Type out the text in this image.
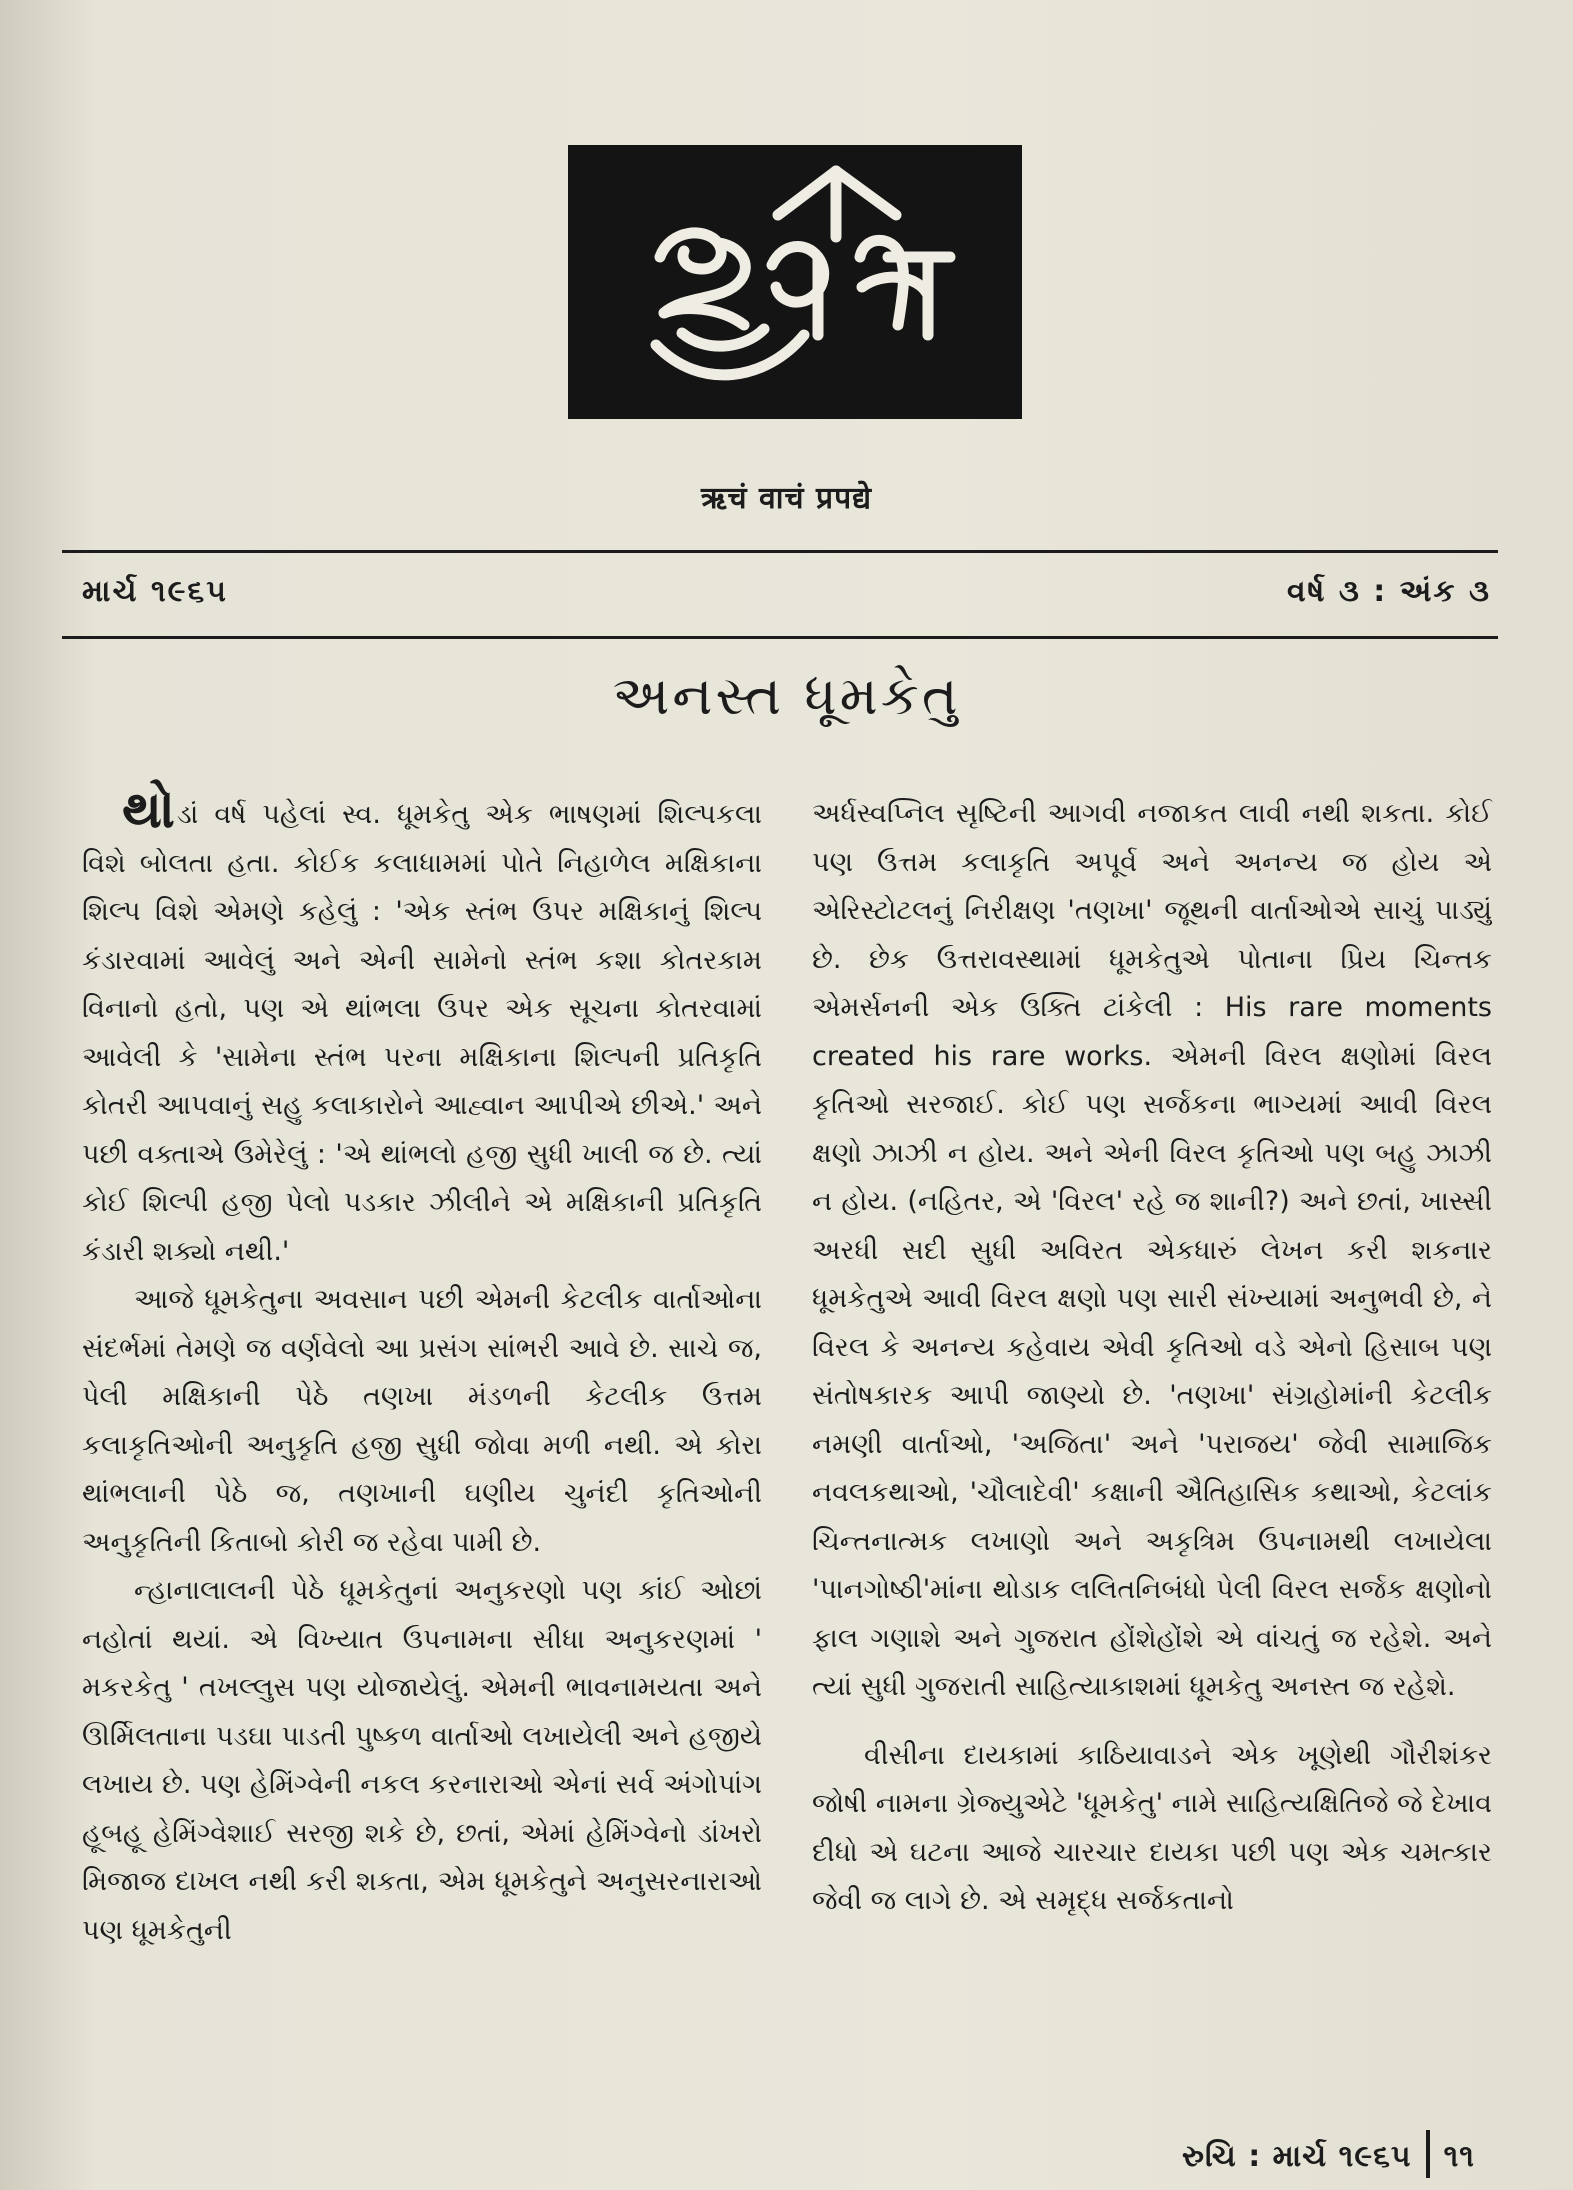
ऋचं वाचं प्रपद्ये
માર્ચ ૧૯૬૫	વર્ષ ૩ : અંક ૩
અનસ્ત ધૂમકેતુ

થોડાં વર્ષ પહેલાં સ્વ. ધૂમકેતુ એક ભાષણમાં શિલ્પકલા વિશે બોલતા હતા. કોઈક કલાધામમાં પોતે નિહાળેલ મક્ષિકાના શિલ્પ વિશે એમણે કહેલું : 'એક સ્તંભ ઉપર મક્ષિકાનું શિલ્પ કંડારવામાં આવેલું અને એની સામેનો સ્તંભ કશા કોતરકામ વિનાનો હતો, પણ એ થાંભલા ઉપર એક સૂચના કોતરવામાં આવેલી કે 'સામેના સ્તંભ પરના મક્ષિકાના શિલ્પની પ્રતિકૃતિ કોતરી આપવાનું સહુ કલાકારોને આહ્વાન આપીએ છીએ.' અને પછી વક્તાએ ઉમેરેલું : 'એ થાંભલો હજી સુધી ખાલી જ છે. ત્યાં કોઈ શિલ્પી હજી પેલો પડકાર ઝીલીને એ મક્ષિકાની પ્રતિકૃતિ કંડારી શક્યો નથી.'

આજે ધૂમકેતુના અવસાન પછી એમની કેટલીક વાર્તાઓના સંદર્ભમાં તેમણે જ વર્ણવેલો આ પ્રસંગ સાંભરી આવે છે. સાચે જ, પેલી મક્ષિકાની પેઠે તણખા મંડળની કેટલીક ઉત્તમ કલાકૃતિઓની અનુકૃતિ હજી સુધી જોવા મળી નથી. એ કોરા થાંભલાની પેઠે જ, તણખાની ઘણીય ચુનંદી કૃતિઓની અનુકૃતિની કિતાબો કોરી જ રહેવા પામી છે.

ન્હાનાલાલની પેઠે ધૂમકેતુનાં અનુકરણો પણ કાંઈ ઓછાં નહોતાં થયાં. એ વિખ્યાત ઉપનામના સીધા અનુકરણમાં ' મકરકેતુ ' તખલ્લુસ પણ યોજાયેલું. એમની ભાવનામયતા અને ઊર્મિલતાના પડઘા પાડતી પુષ્કળ વાર્તાઓ લખાયેલી અને હજીયે લખાય છે. પણ હેમિંગ્વેની નકલ કરનારાઓ એનાં સર્વ અંગોપાંગ હૂબહૂ હેમિંગ્વેશાઈ સરજી શકે છે, છતાં, એમાં હેમિંગ્વેનો ડાંખરો મિજાજ દાખલ નથી કરી શકતા, એમ ધૂમકેતુને અનુસરનારાઓ પણ ધૂમકેતુની

અર્ધસ્વપ્નિલ સૃષ્ટિની આગવી નજાકત લાવી નથી શકતા. કોઈ પણ ઉત્તમ કલાકૃતિ અપૂર્વ અને અનન્ય જ હોય એ એરિસ્ટોટલનું નિરીક્ષણ 'તણખા' જૂથની વાર્તાઓએ સાચું પાડ્યું છે. છેક ઉત્તરાવસ્થામાં ધૂમકેતુએ પોતાના પ્રિય ચિન્તક એમર્સનની એક ઉક્તિ ટાંકેલી : His rare moments created his rare works. એમની વિરલ ક્ષણોમાં વિરલ કૃતિઓ સરજાઈ. કોઈ પણ સર્જકના ભાગ્યમાં આવી વિરલ ક્ષણો ઝાઝી ન હોય. અને એની વિરલ કૃતિઓ પણ બહુ ઝાઝી ન હોય. (નહિતર, એ 'વિરલ' રહે જ શાની?) અને છતાં, ખાસ્સી અરધી સદી સુધી અવિરત એકધારું લેખન કરી શકનાર ધૂમકેતુએ આવી વિરલ ક્ષણો પણ સારી સંખ્યામાં અનુભવી છે, ને વિરલ કે અનન્ય કહેવાય એવી કૃતિઓ વડે એનો હિસાબ પણ સંતોષકારક આપી જાણ્યો છે. 'તણખા' સંગ્રહોમાંની કેટલીક નમણી વાર્તાઓ, 'અજિતા' અને 'પરાજય' જેવી સામાજિક નવલકથાઓ, 'ચૌલાદેવી' કક્ષાની ઐતિહાસિક કથાઓ, કેટલાંક ચિન્તનાત્મક લખાણો અને અકૃત્રિમ ઉપનામથી લખાયેલા 'પાનગોષ્ઠી'માંના થોડાક લલિતનિબંધો પેલી વિરલ સર્જક ક્ષણોનો ફાલ ગણાશે અને ગુજરાત હોંશેહોંશે એ વાંચતું જ રહેશે. અને ત્યાં સુધી ગુજરાતી સાહિત્યાકાશમાં ધૂમકેતુ અનસ્ત જ રહેશે.

વીસીના દાયકામાં કાઠિયાવાડને એક ખૂણેથી ગૌરીશંકર જોષી નામના ગ્રેજ્યુએટે 'ધૂમકેતુ' નામે સાહિત્યક્ષિતિજે જે દેખાવ દીધો એ ઘટના આજે ચારચાર દાયકા પછી પણ એક ચમત્કાર જેવી જ લાગે છે. એ સમૃદ્ધ સર્જકતાનો

રુચિ : માર્ચ ૧૯૬૫ ૧૧
